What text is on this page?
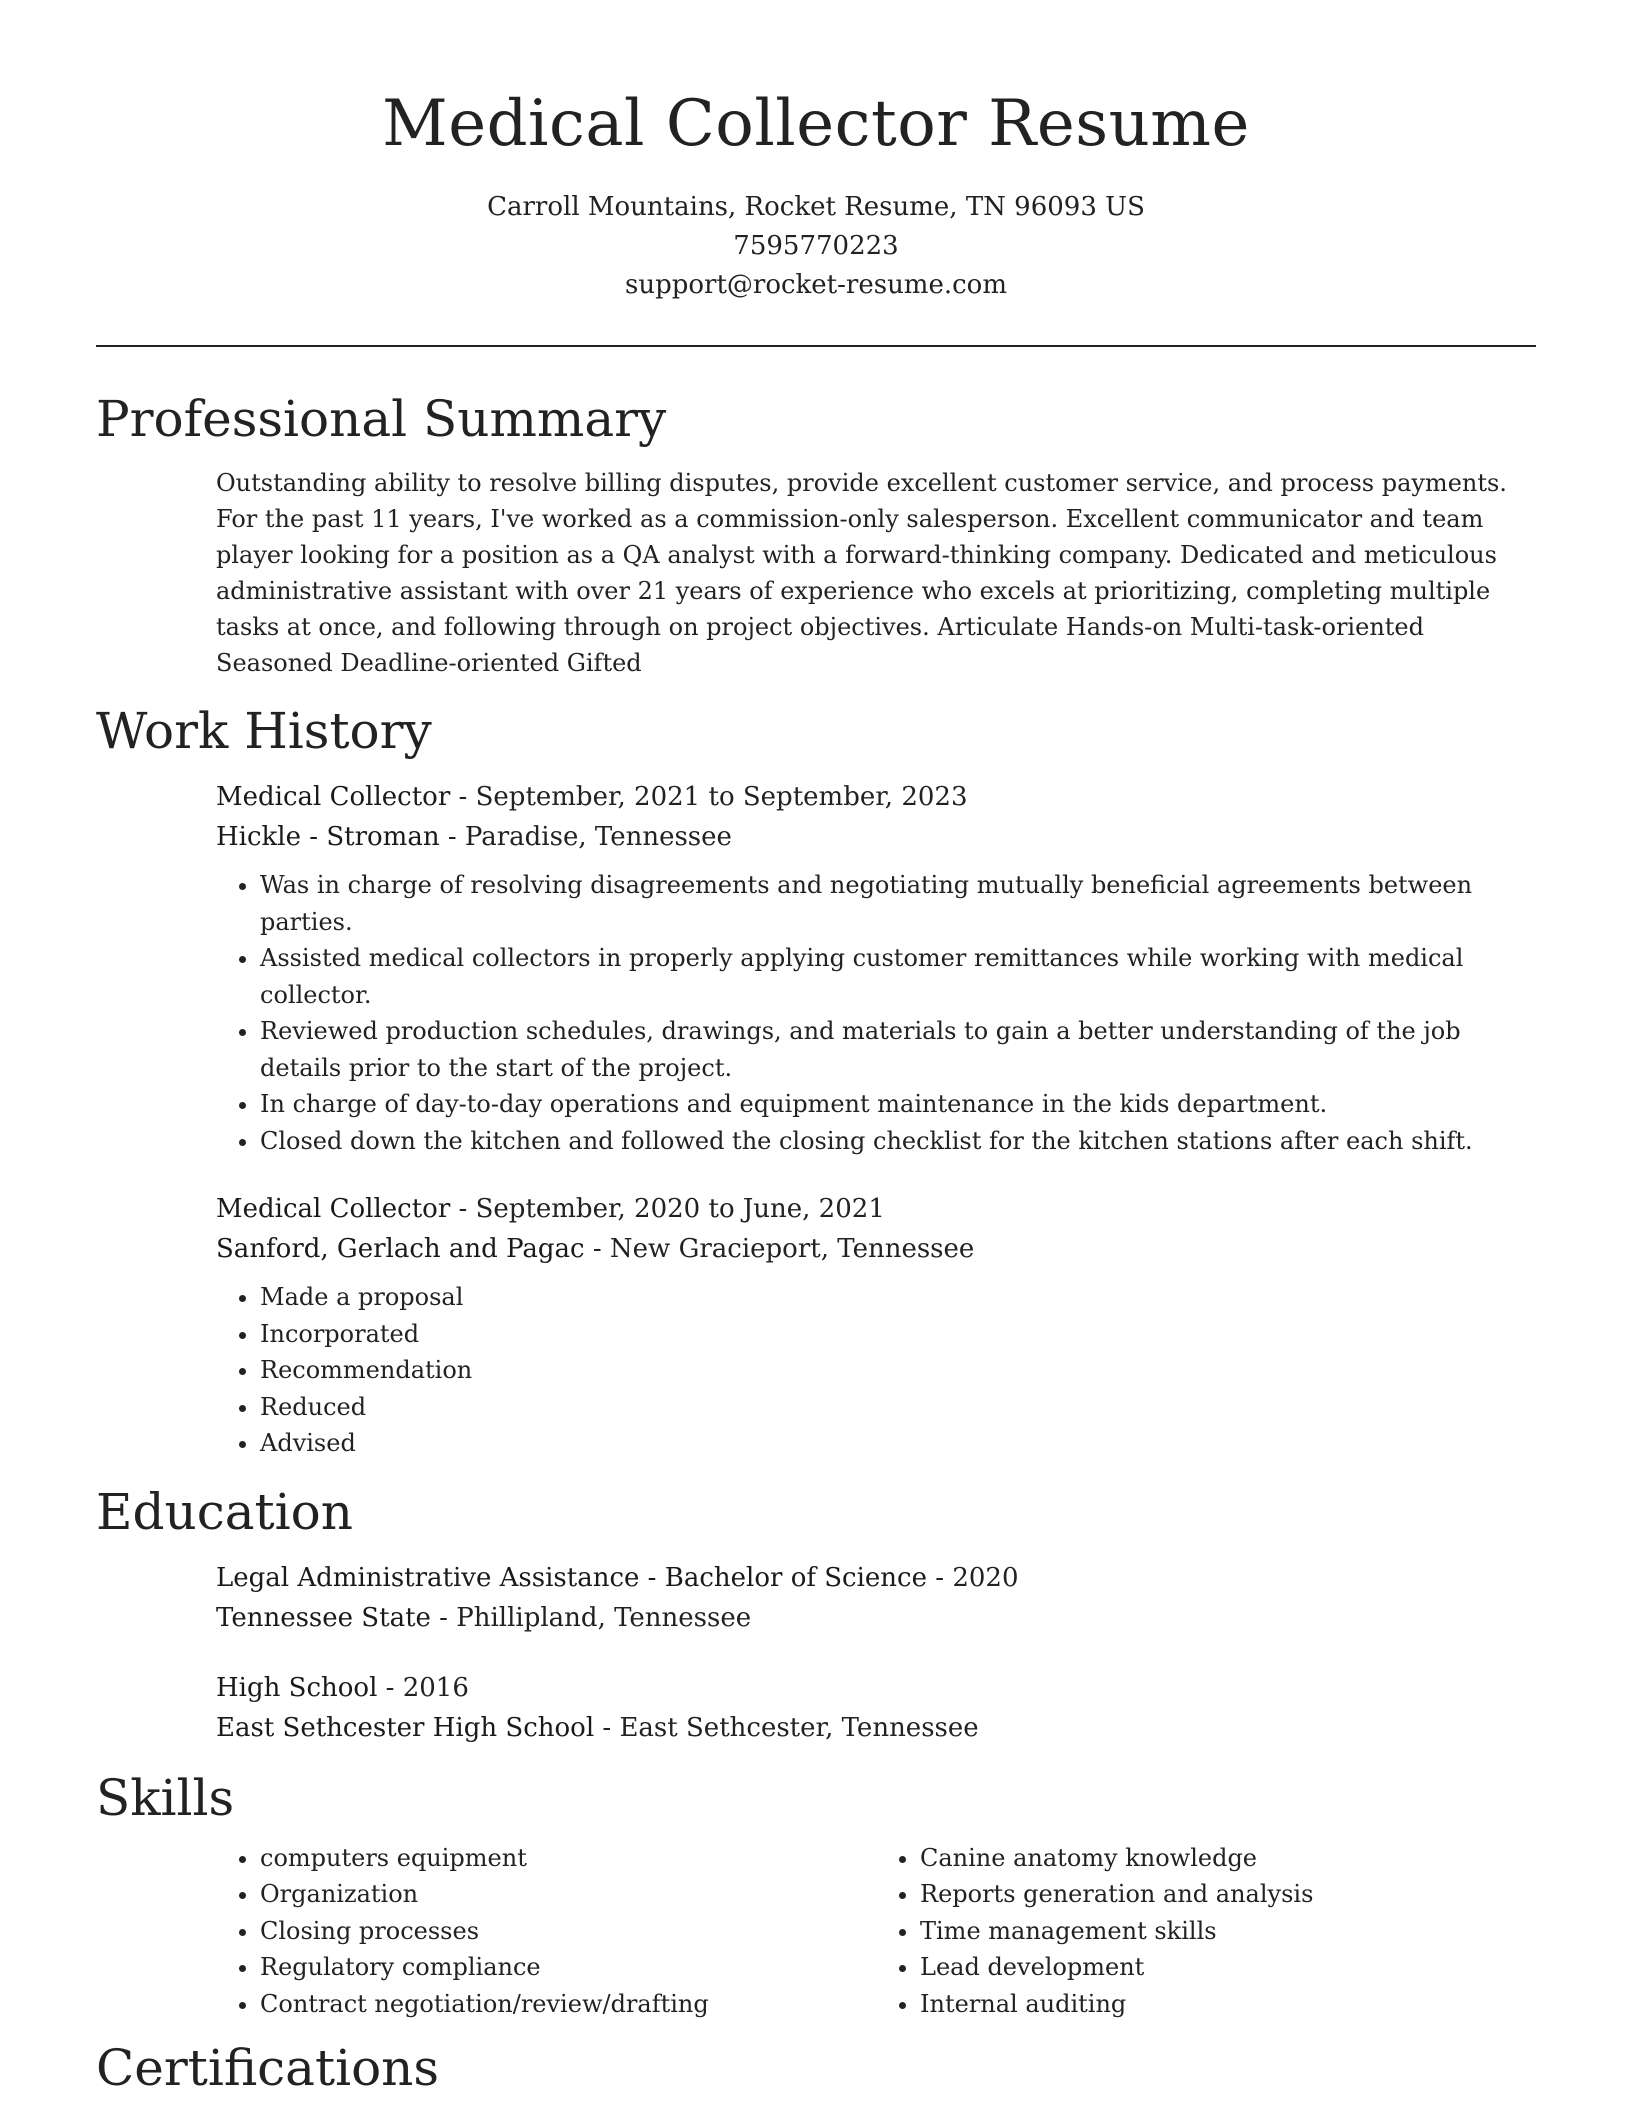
Medical Collector Resume
Carroll Mountains, Rocket Resume, TN 96093 US
7595770223
support@rocket-resume.com
Professional Summary

Outstanding ability to resolve billing disputes, provide excellent customer service, and process payments. For the past 11 years, I've worked as a commission-only salesperson. Excellent communicator and team player looking for a position as a QA analyst with a forward-thinking company. Dedicated and meticulous administrative assistant with over 21 years of experience who excels at prioritizing, completing multiple tasks at once, and following through on project objectives. Articulate Hands-on Multi-task-oriented Seasoned Deadline-oriented Gifted

Work History
Medical Collector - September, 2021 to September, 2023
Hickle - Stroman - Paradise, Tennessee
• Was in charge of resolving disagreements and negotiating mutually beneficial agreements between parties.
• Assisted medical collectors in properly applying customer remittances while working with medical collector.
• Reviewed production schedules, drawings, and materials to gain a better understanding of the job details prior to the start of the project.
• In charge of day-to-day operations and equipment maintenance in the kids department.
• Closed down the kitchen and followed the closing checklist for the kitchen stations after each shift.
Medical Collector - September, 2020 to June, 2021
Sanford, Gerlach and Pagac - New Gracieport, Tennessee
• Made a proposal
• Incorporated
• Recommendation
• Reduced
• Advised
Education
Legal Administrative Assistance - Bachelor of Science - 2020
Tennessee State - Phillipland, Tennessee
High School - 2016
East Sethcester High School - East Sethcester, Tennessee
Skills
• computers equipment
• Organization
• Closing processes
• Regulatory compliance
• Contract negotiation/review/drafting
• Canine anatomy knowledge
• Reports generation and analysis
• Time management skills
• Lead development
• Internal auditing
Certifications
